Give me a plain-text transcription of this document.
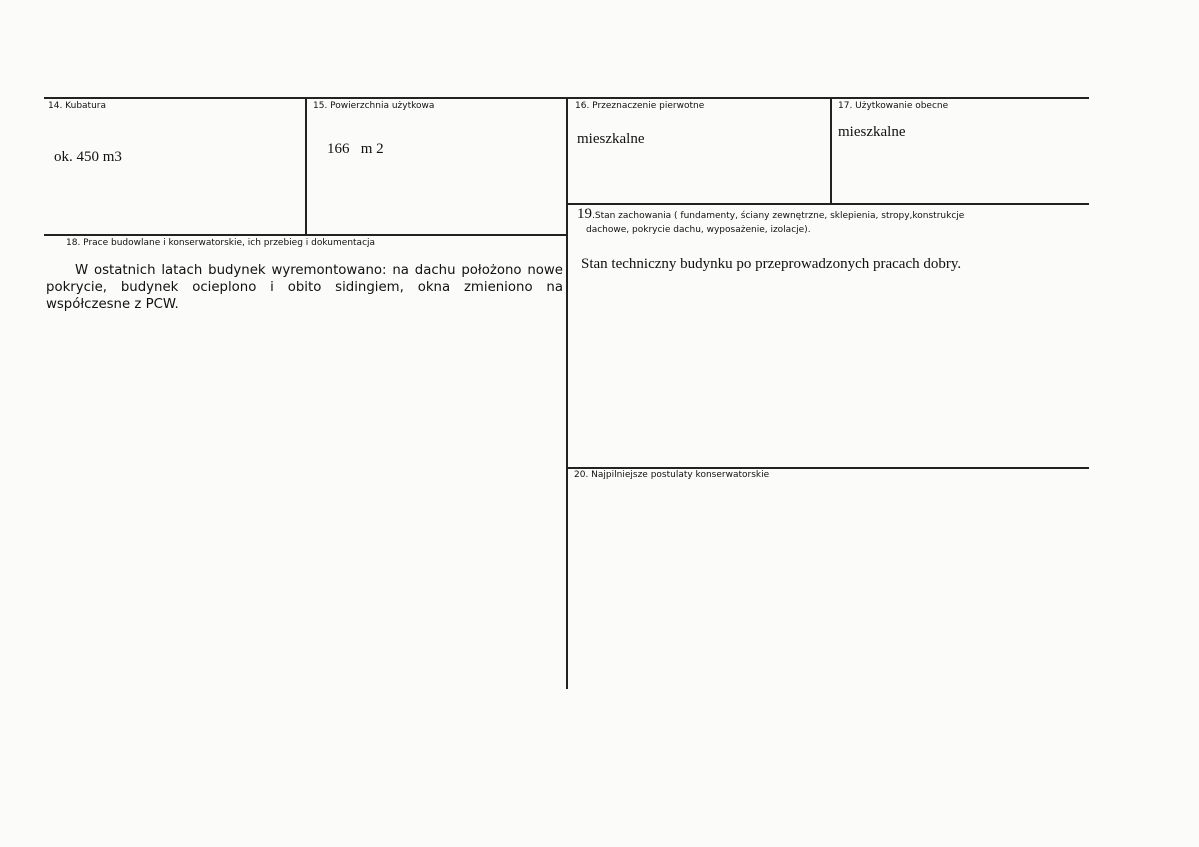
14. Kubatura
ok. 450 m3
15. Powierzchnia użytkowa
166   m 2
16. Przeznaczenie pierwotne
mieszkalne
17. Użytkowanie obecne
mieszkalne
18. Prace budowlane i konserwatorskie, ich przebieg i dokumentacja
W ostatnich latach budynek wyremontowano: na dachu położono nowe pokrycie, budynek ocieplono i obito sidingiem, okna zmieniono na współczesne z PCW.
19.Stan zachowania ( fundamenty, ściany zewnętrzne, sklepienia, stropy,konstrukcje
dachowe, pokrycie dachu, wyposażenie, izolacje).
Stan techniczny budynku po przeprowadzonych pracach dobry.
20. Najpilniejsze postulaty konserwatorskie
